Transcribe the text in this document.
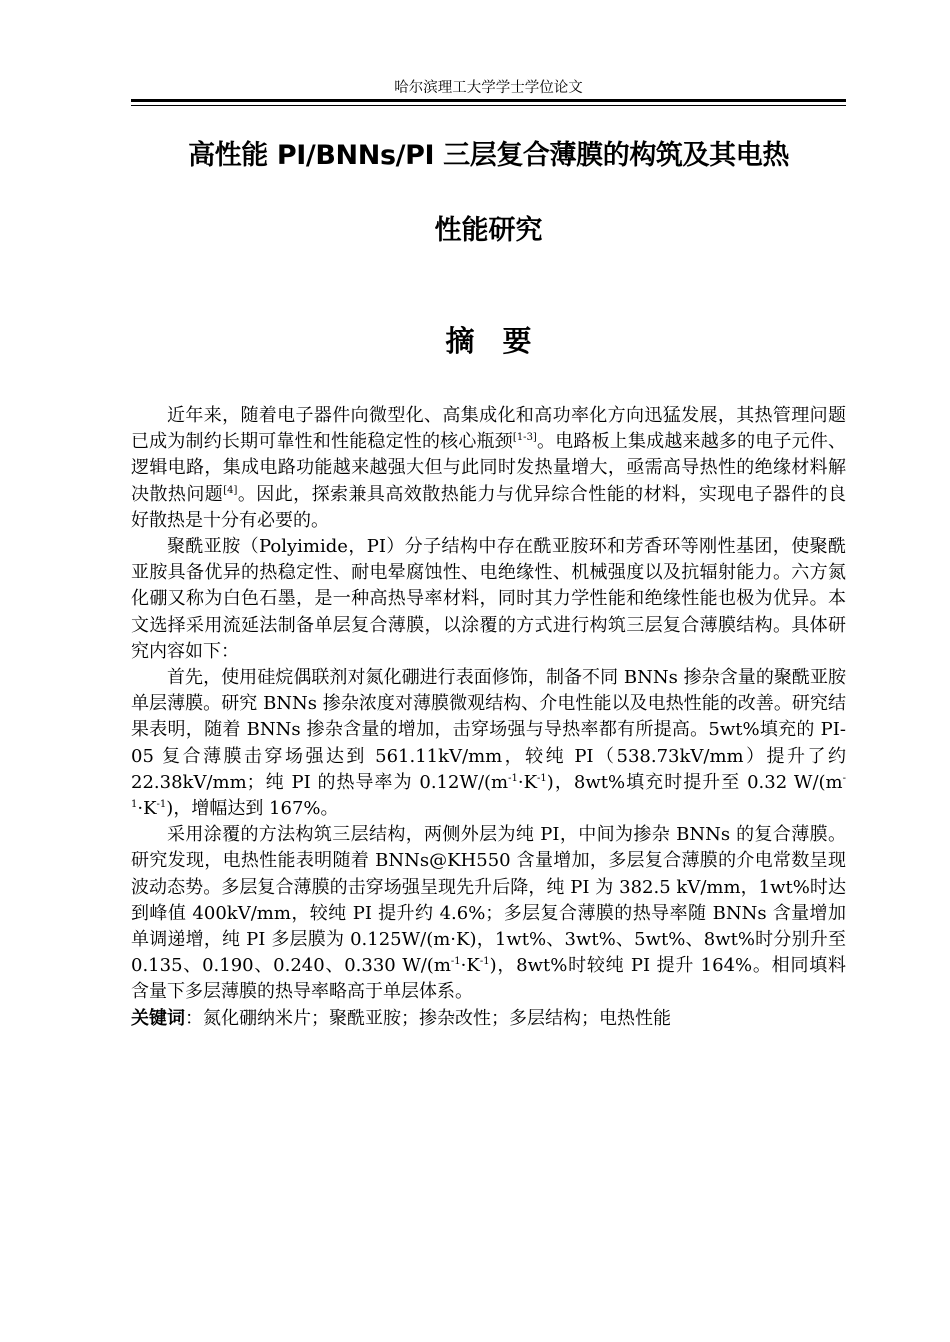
哈尔滨理工大学学士学位论文
高性能 PI/BNNs/PI 三层复合薄膜的构筑及其电热
性能研究
摘要

近年来，随着电子器件向微型化、高集成化和高功率化方向迅猛发展，其热管理问题已成为制约长期可靠性和性能稳定性的核心瓶颈[1-3]。电路板上集成越来越多的电子元件、逻辑电路，集成电路功能越来越强大但与此同时发热量增大，亟需高导热性的绝缘材料解决散热问题[4]。因此，探索兼具高效散热能力与优异综合性能的材料，实现电子器件的良好散热是十分有必要的。

聚酰亚胺（Polyimide，PI）分子结构中存在酰亚胺环和芳香环等刚性基团，使聚酰亚胺具备优异的热稳定性、耐电晕腐蚀性、电绝缘性、机械强度以及抗辐射能力。六方氮化硼又称为白色石墨，是一种高热导率材料，同时其力学性能和绝缘性能也极为优异。本文选择采用流延法制备单层复合薄膜，以涂覆的方式进行构筑三层复合薄膜结构。具体研究内容如下：

首先，使用硅烷偶联剂对氮化硼进行表面修饰，制备不同 BNNs 掺杂含量的聚酰亚胺单层薄膜。研究 BNNs 掺杂浓度对薄膜微观结构、介电性能以及电热性能的改善。研究结果表明，随着 BNNs 掺杂含量的增加，击穿场强与导热率都有所提高。5wt%填充的 PI-05 复合薄膜击穿场强达到 561.11kV/mm，较纯 PI（538.73kV/mm）提升了约 22.38kV/mm；纯 PI 的热导率为 $0.12W/(m^{-1}\cdot K^{-1})$，8wt%填充时提升至 0.32 $W/(m^{-1}\cdot K^{-1})$，增幅达到 167%。

采用涂覆的方法构筑三层结构，两侧外层为纯 PI，中间为掺杂 BNNs 的复合薄膜。研究发现，电热性能表明随着 BNNs@KH550 含量增加，多层复合薄膜的介电常数呈现波动态势。多层复合薄膜的击穿场强呈现先升后降，纯 PI 为 382.5 kV/mm，1wt%时达到峰值 400kV/mm，较纯 PI 提升约 4.6%；多层复合薄膜的热导率随 BNNs 含量增加单调递增，纯 PI 多层膜为 0.125W/(m·K)，1wt%、3wt%、5wt%、8wt%时分别升至 0.135、0.190、0.240、0.330 $W/(m^{-1}\cdot K^{-1})$，8wt%时较纯 PI 提升 164%。相同填料含量下多层薄膜的热导率略高于单层体系。

关键词：氮化硼纳米片；聚酰亚胺；掺杂改性；多层结构；电热性能
